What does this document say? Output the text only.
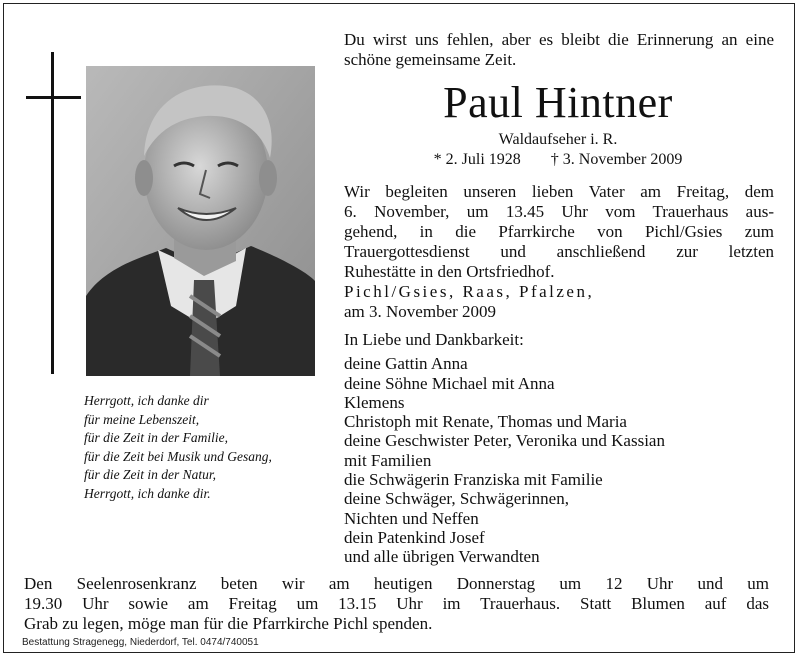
Herrgott, ich danke dir
für meine Lebenszeit,
für die Zeit in der Familie,
für die Zeit bei Musik und Gesang,
für die Zeit in der Natur,
Herrgott, ich danke dir.
Du wirst uns fehlen, aber es bleibt die Erinnerung an eine schöne gemeinsame Zeit.
Paul Hintner
Waldaufseher i. R.
* 2. Juli 1928 † 3. November 2009
Wir begleiten unseren lieben Vater am Freitag, dem
6. November, um 13.45 Uhr vom Trauerhaus aus-
gehend, in die Pfarrkirche von Pichl/Gsies zum
Trauergottesdienst und anschließend zur letzten
Ruhestätte in den Ortsfriedhof.
Pichl/Gsies, Raas, Pfalzen,
am 3. November 2009
In Liebe und Dankbarkeit:
deine Gattin Anna
deine Söhne Michael mit Anna
Klemens
Christoph mit Renate, Thomas und Maria
deine Geschwister Peter, Veronika und Kassian
mit Familien
die Schwägerin Franziska mit Familie
deine Schwäger, Schwägerinnen,
Nichten und Neffen
dein Patenkind Josef
und alle übrigen Verwandten
Den Seelenrosenkranz beten wir am heutigen Donnerstag um 12 Uhr und um
19.30 Uhr sowie am Freitag um 13.15 Uhr im Trauerhaus. Statt Blumen auf das
Grab zu legen, möge man für die Pfarrkirche Pichl spenden.
Bestattung Stragenegg, Niederdorf, Tel. 0474/740051
